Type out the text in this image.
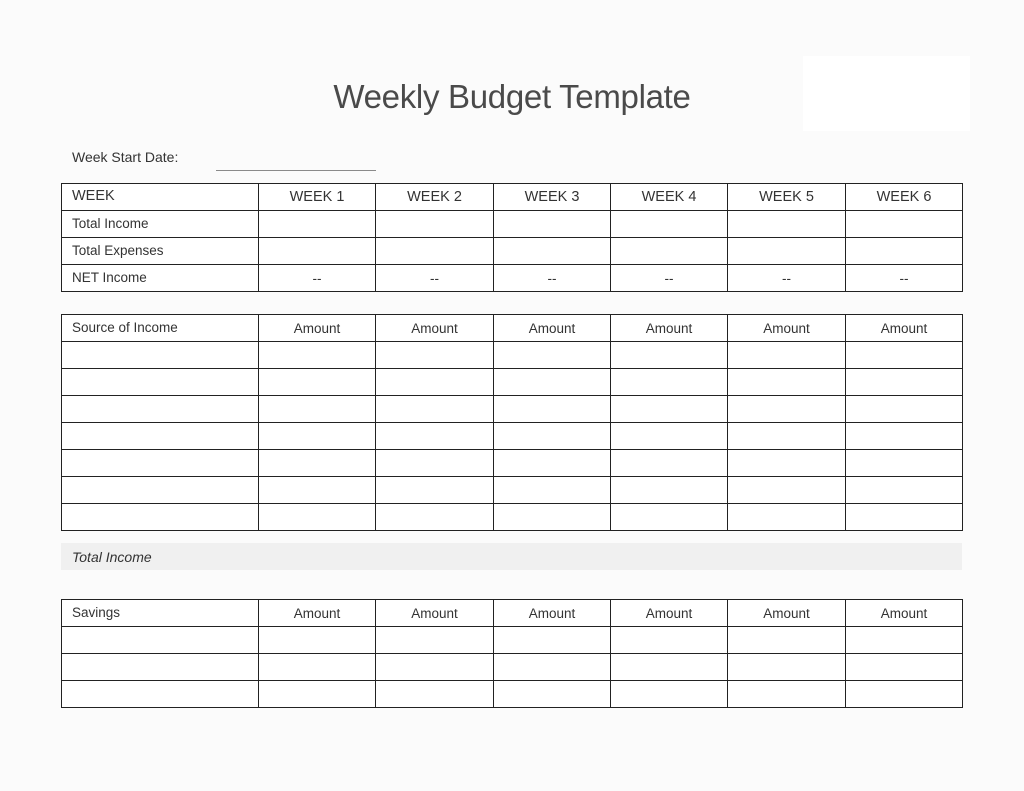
Weekly Budget Template
Week Start Date:
WEEK	WEEK 1	WEEK 2	WEEK 3	WEEK 4	WEEK 5	WEEK 6
Total Income						
Total Expenses						
NET Income	--	--	--	--	--	--
Source of Income	Amount	Amount	Amount	Amount	Amount	Amount

Total Income
Savings	Amount	Amount	Amount	Amount	Amount	Amount
